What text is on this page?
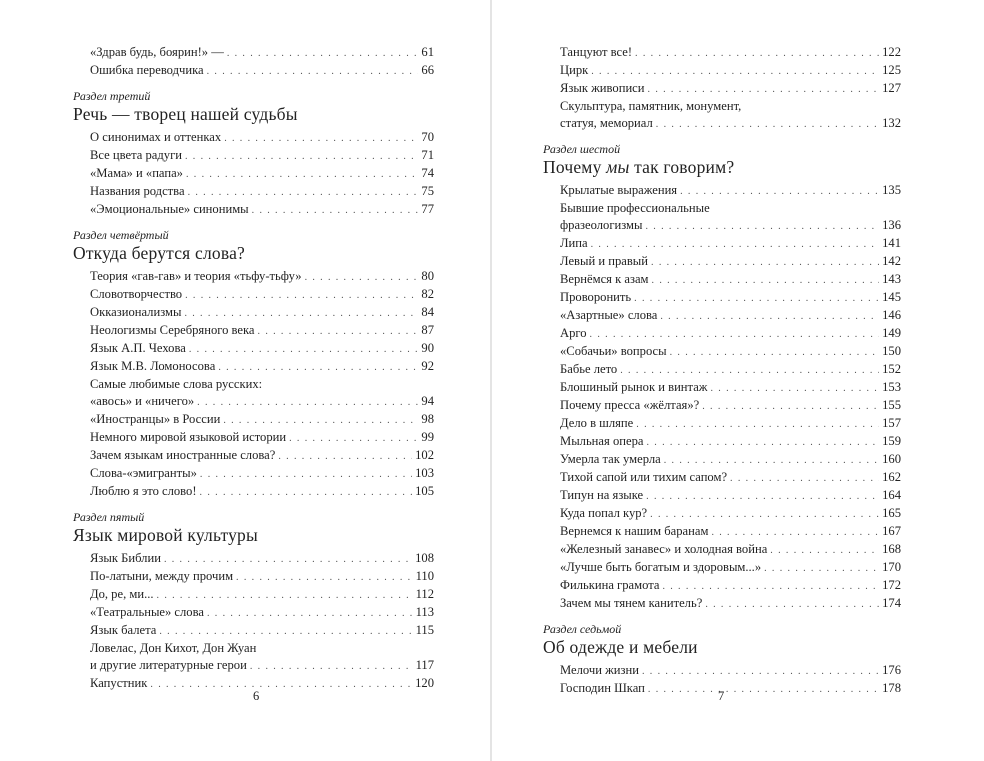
«Здрав будь, боярин!» — . . .	61
Ошибка переводчика . . .	66
Раздел третий
Речь — творец нашей судьбы
О синонимах и оттенках . . .	70
Все цвета радуги . . .	71
«Мама» и «папа» . . .	74
Названия родства . . .	75
«Эмоциональные» синонимы . . .	77
Раздел четвёртый
Откуда берутся слова?
Теория «гав-гав» и теория «тьфу-тьфу» . . .	80
Словотворчество . . .	82
Окказионализмы . . .	84
Неологизмы Серебряного века . . .	87
Язык А.П. Чехова . . .	90
Язык М.В. Ломоносова . . .	92
Самые любимые слова русских:
«авось» и «ничего» . . .	94
«Иностранцы» в России . . .	98
Немного мировой языковой истории . . .	99
Зачем языкам иностранные слова? . . .	102
Слова-«эмигранты» . . .	103
Люблю я это слово! . . .	105
Раздел пятый
Язык мировой культуры
Язык Библии . . .	108
По-латыни, между прочим . . .	110
До, ре, ми... . . .	112
«Театральные» слова . . .	113
Язык балета . . .	115
Ловелас, Дон Кихот, Дон Жуан
и другие литературные герои . . .	117
Капустник . . .	120
6
Танцуют все! . . .	122
Цирк . . .	125
Язык живописи . . .	127
Скульптура, памятник, монумент,
статуя, мемориал . . .	132
Раздел шестой
Почему мы так говорим?
Крылатые выражения . . .	135
Бывшие профессиональные
фразеологизмы . . .	136
Липа . . .	141
Левый и правый . . .	142
Вернёмся к азам . . .	143
Проворонить . . .	145
«Азартные» слова . . .	146
Арго . . .	149
«Собачьи» вопросы . . .	150
Бабье лето . . .	152
Блошиный рынок и винтаж . . .	153
Почему пресса «жёлтая»? . . .	155
Дело в шляпе . . .	157
Мыльная опера . . .	159
Умерла так умерла . . .	160
Тихой сапой или тихим сапом? . . .	162
Типун на языке . . .	164
Куда попал кур? . . .	165
Вернемся к нашим баранам . . .	167
«Железный занавес» и холодная война . . .	168
«Лучше быть богатым и здоровым...» . . .	170
Филькина грамота . . .	172
Зачем мы тянем канитель? . . .	174
Раздел седьмой
Об одежде и мебели
Мелочи жизни . . .	176
Господин Шкап . . .	178
7
